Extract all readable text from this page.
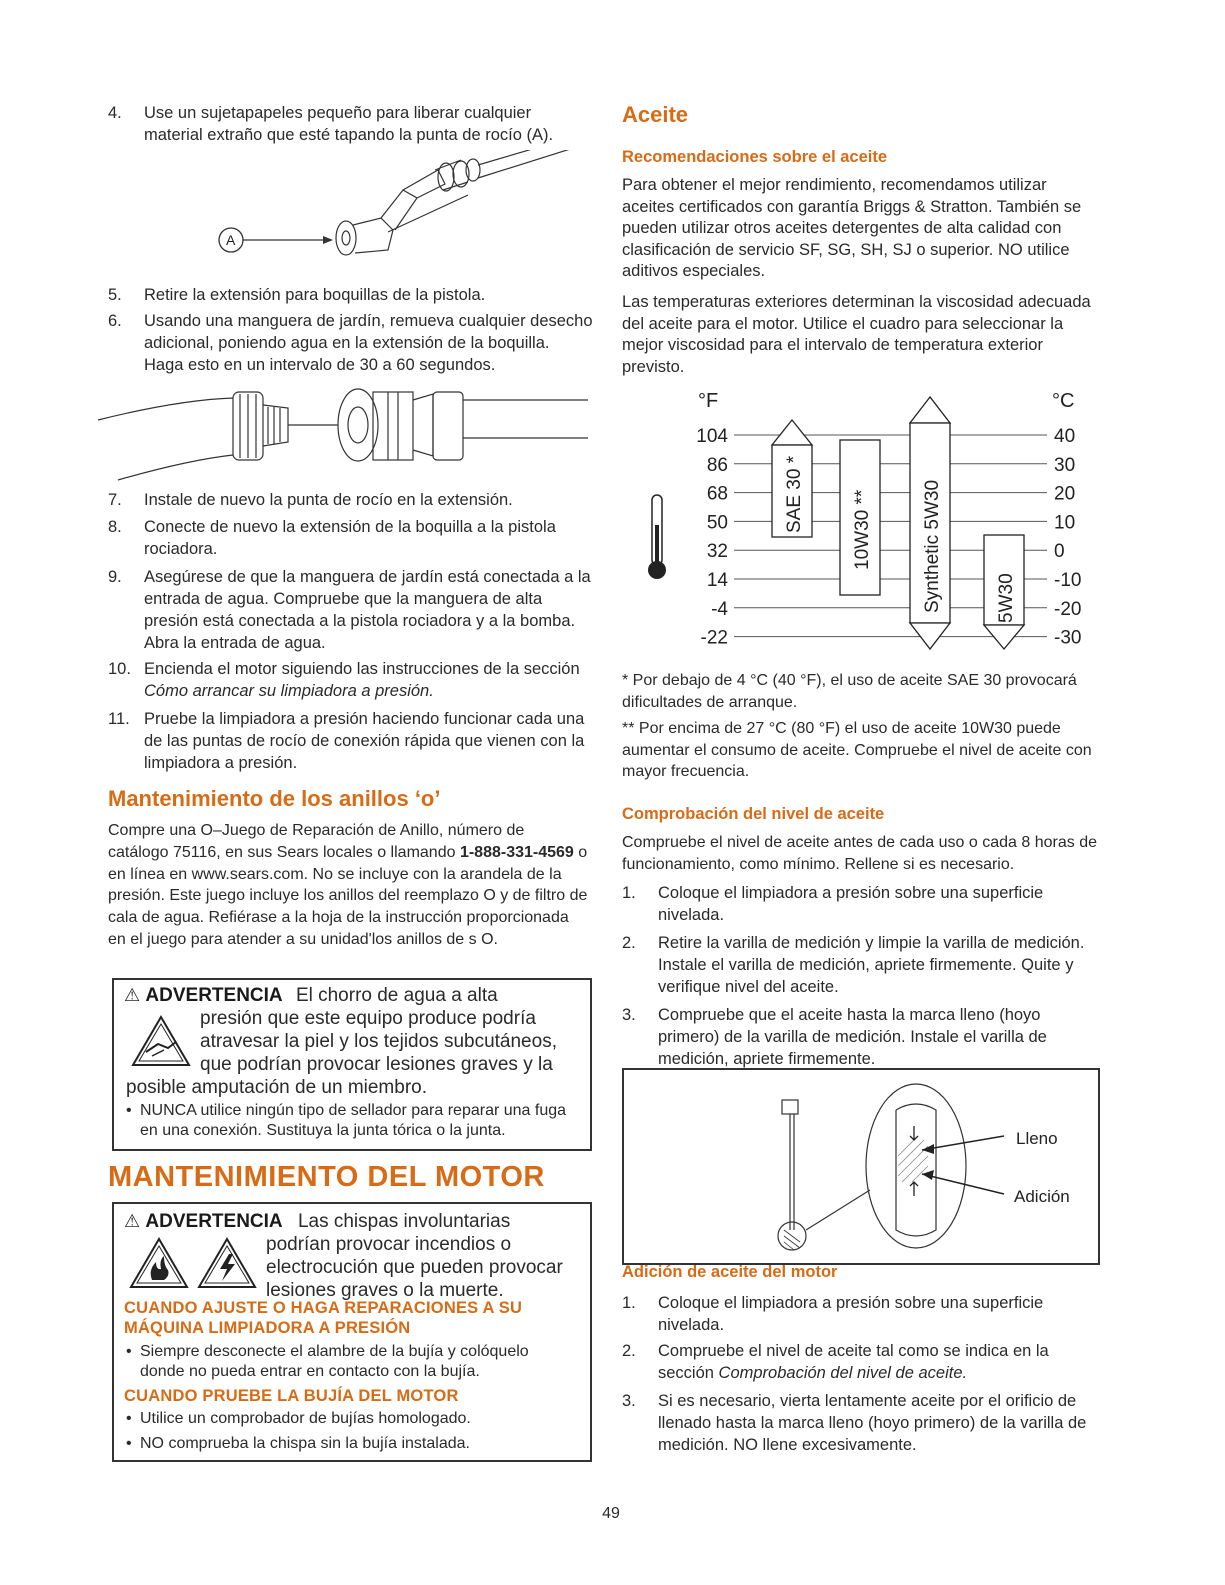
4.	Use un sujetapapeles pequeño para liberar cualquier material extraño que esté tapando la punta de rocío (A).
A
5.	Retire la extensión para boquillas de la pistola.
6.	Usando una manguera de jardín, remueva cualquier desecho adicional, poniendo agua en la extensión de la boquilla. Haga esto en un intervalo de 30 a 60 segundos.
7.	Instale de nuevo la punta de rocío en la extensión.
8.	Conecte de nuevo la extensión de la boquilla a la pistola rociadora.
9.	Asegúrese de que la manguera de jardín está conectada a la entrada de agua. Compruebe que la manguera de alta presión está conectada a la pistola rociadora y a la bomba. Abra la entrada de agua.
10. Encienda el motor siguiendo las instrucciones de la sección Cómo arrancar su limpiadora a presión.
11. Pruebe la limpiadora a presión haciendo funcionar cada una de las puntas de rocío de conexión rápida que vienen con la limpiadora a presión.
Mantenimiento de los anillos ‘o’
Compre una O–Juego de Reparación de Anillo, número de catálogo 75116, en sus Sears locales o llamando 1-888-331-4569 o en línea en www.sears.com. No se incluye con la arandela de la presión. Este juego incluye los anillos del reemplazo O y de filtro de cala de agua. Refiérase a la hoja de la instrucción proporcionada en el juego para atender a su unidad'los anillos de s O.
⚠ ADVERTENCIA El chorro de agua a alta
presión que este equipo produce podría
atravesar la piel y los tejidos subcutáneos,
que podrían provocar lesiones graves y la
posible amputación de un miembro.
• NUNCA utilice ningún tipo de sellador para reparar una fuga en una conexión. Sustituya la junta tórica o la junta.
MANTENIMIENTO DEL MOTOR
⚠ ADVERTENCIA Las chispas involuntarias
podrían provocar incendios o
electrocución que pueden provocar
lesiones graves o la muerte.
CUANDO AJUSTE O HAGA REPARACIONES A SU MÁQUINA LIMPIADORA A PRESIÓN
• Siempre desconecte el alambre de la bujía y colóquelo donde no pueda entrar en contacto con la bujía.
CUANDO PRUEBE LA BUJÍA DEL MOTOR
• Utilice un comprobador de bujías homologado.
• NO comprueba la chispa sin la bujía instalada.
Aceite
Recomendaciones sobre el aceite
Para obtener el mejor rendimiento, recomendamos utilizar aceites certificados con garantía Briggs & Stratton. También se pueden utilizar otros aceites detergentes de alta calidad con clasificación de servicio SF, SG, SH, SJ o superior. NO utilice aditivos especiales.
Las temperaturas exteriores determinan la viscosidad adecuada del aceite para el motor. Utilice el cuadro para seleccionar la mejor viscosidad para el intervalo de temperatura exterior previsto.
°F	°C
104	40
86	30
68	20
50	10
32	0
14	-10
-4	-20
-22	-30
SAE 30 * 10W30 **	Synthetic 5W30	5W30
* Por debajo de 4 °C (40 °F), el uso de aceite SAE 30 provocará dificultades de arranque.
** Por encima de 27 °C (80 °F) el uso de aceite 10W30 puede aumentar el consumo de aceite. Compruebe el nivel de aceite con mayor frecuencia.
Comprobación del nivel de aceite
Compruebe el nivel de aceite antes de cada uso o cada 8 horas de funcionamiento, como mínimo. Rellene si es necesario.
1.	Coloque el limpiadora a presión sobre una superficie nivelada.
2.	Retire la varilla de medición y limpie la varilla de medición. Instale el varilla de medición, apriete firmemente. Quite y verifique nivel del aceite.
3.	Compruebe que el aceite hasta la marca lleno (hoyo primero) de la varilla de medición. Instale el varilla de medición, apriete firmemente.
Lleno
Adición
Adición de aceite del motor
1.	Coloque el limpiadora a presión sobre una superficie nivelada.
2.	Compruebe el nivel de aceite tal como se indica en la sección Comprobación del nivel de aceite.
3.	Si es necesario, vierta lentamente aceite por el orificio de llenado hasta la marca lleno (hoyo primero) de la varilla de medición. NO llene excesivamente.
49
